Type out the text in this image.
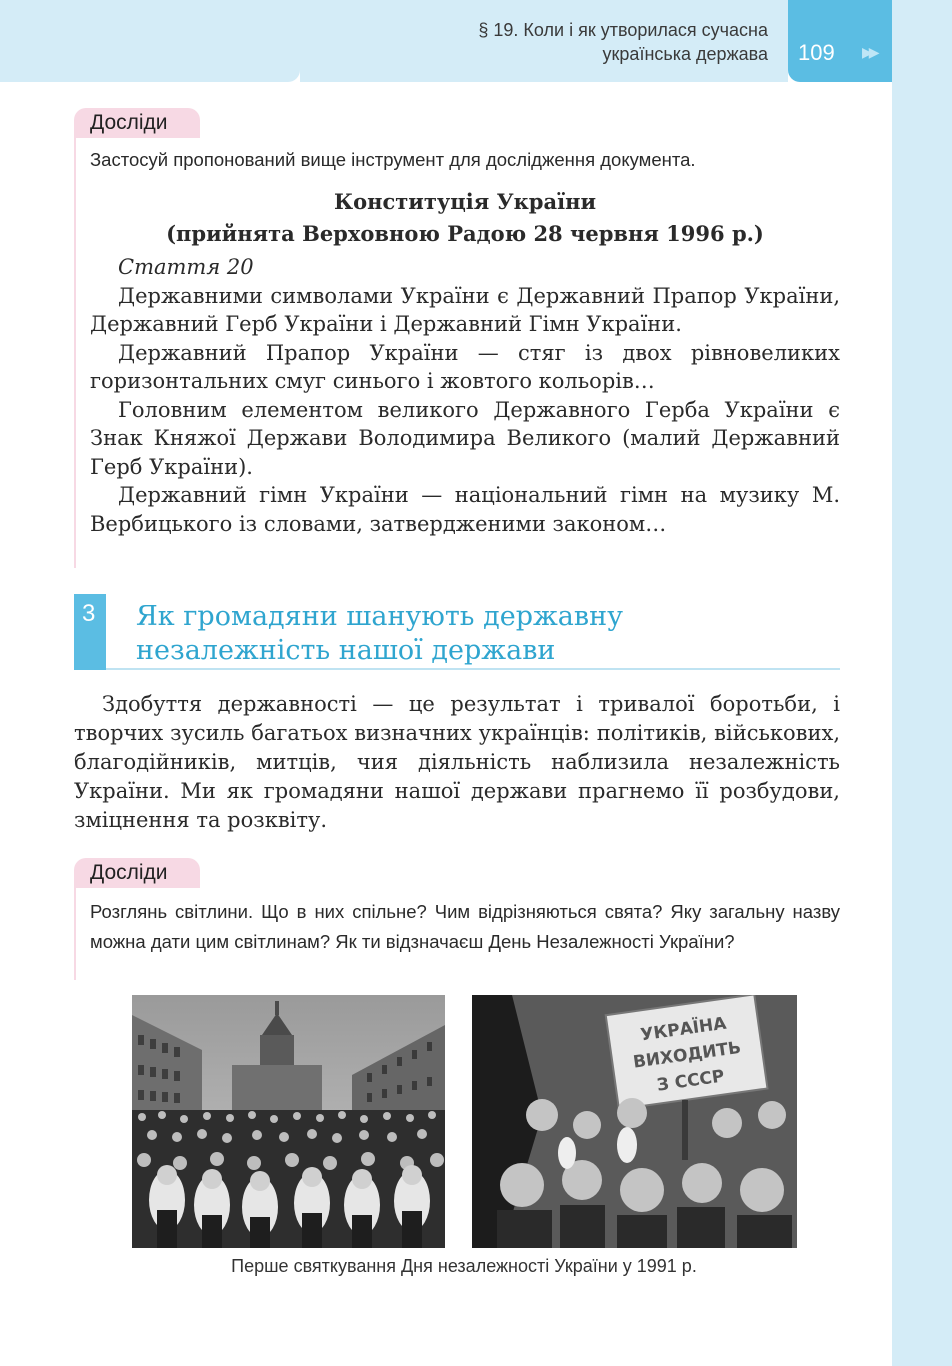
§ 19. Коли і як утворилася сучасна
українська держава 109 ▶▶
Досліди
Застосуй пропонований вище інструмент для дослідження документа.
Конституція України
(прийнята Верховною Радою 28 червня 1996 р.)
Стаття 20
Державними символами України є Державний Прапор України, Державний Герб України і Державний Гімн України.
Державний Прапор України — стяг із двох рівновеликих горизонтальних смуг синього і жовтого кольорів…
Головним елементом великого Державного Герба України є Знак Княжої Держави Володимира Великого (малий Державний Герб України).
Державний гімн України — національний гімн на музику М. Вербицького із словами, затвердженими законом…
3 Як громадяни шанують державну
незалежність нашої держави
Здобуття державності — це результат і тривалої боротьби, і творчих зусиль багатьох визначних українців: політиків, військових, благодійників, митців, чия діяльність наблизила незалежність України. Ми як громадяни нашої держави прагнемо її розбудови, зміцнення та розквіту.
Досліди
Розглянь світлини. Що в них спільне? Чим відрізняються свята? Яку загальну назву можна дати цим світлинам? Як ти відзначаєш День Незалежності України?
УКРАЇНА
ВИХОДИТЬ
З СССР
Перше святкування Дня незалежності України у 1991 р.
